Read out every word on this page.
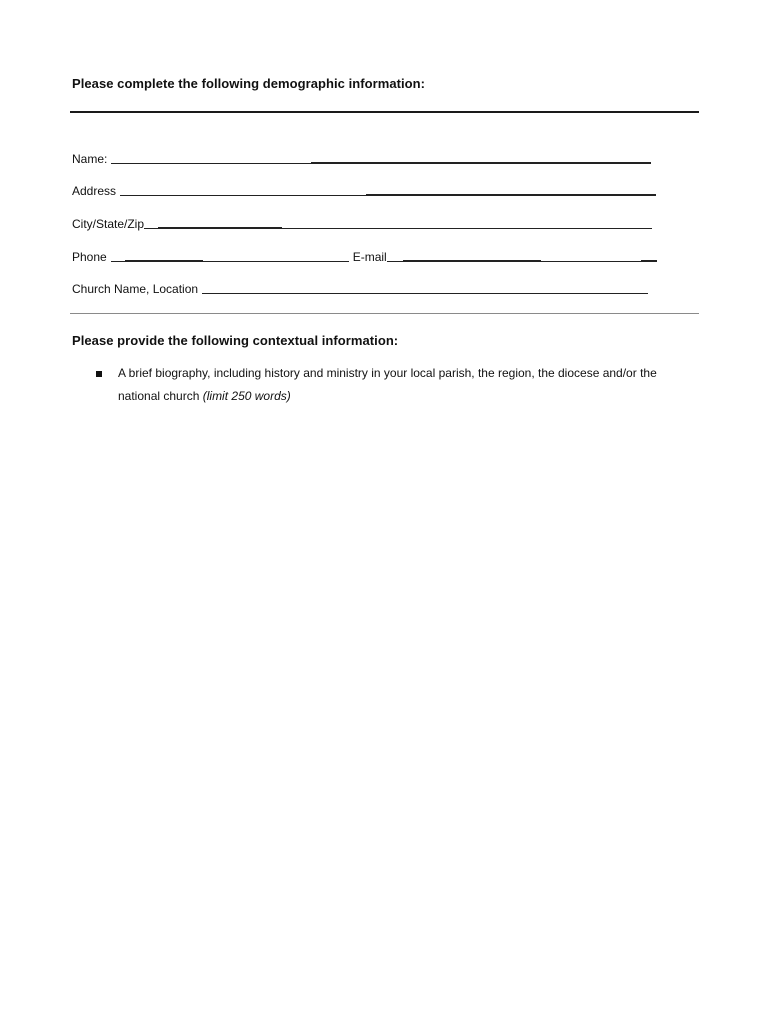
Please complete the following demographic information:
Name:
Address
City/State/Zip
Phone	E-mail
Church Name, Location
Please provide the following contextual information:
A brief biography, including history and ministry in your local parish, the region, the diocese and/or the national church (limit 250 words)
